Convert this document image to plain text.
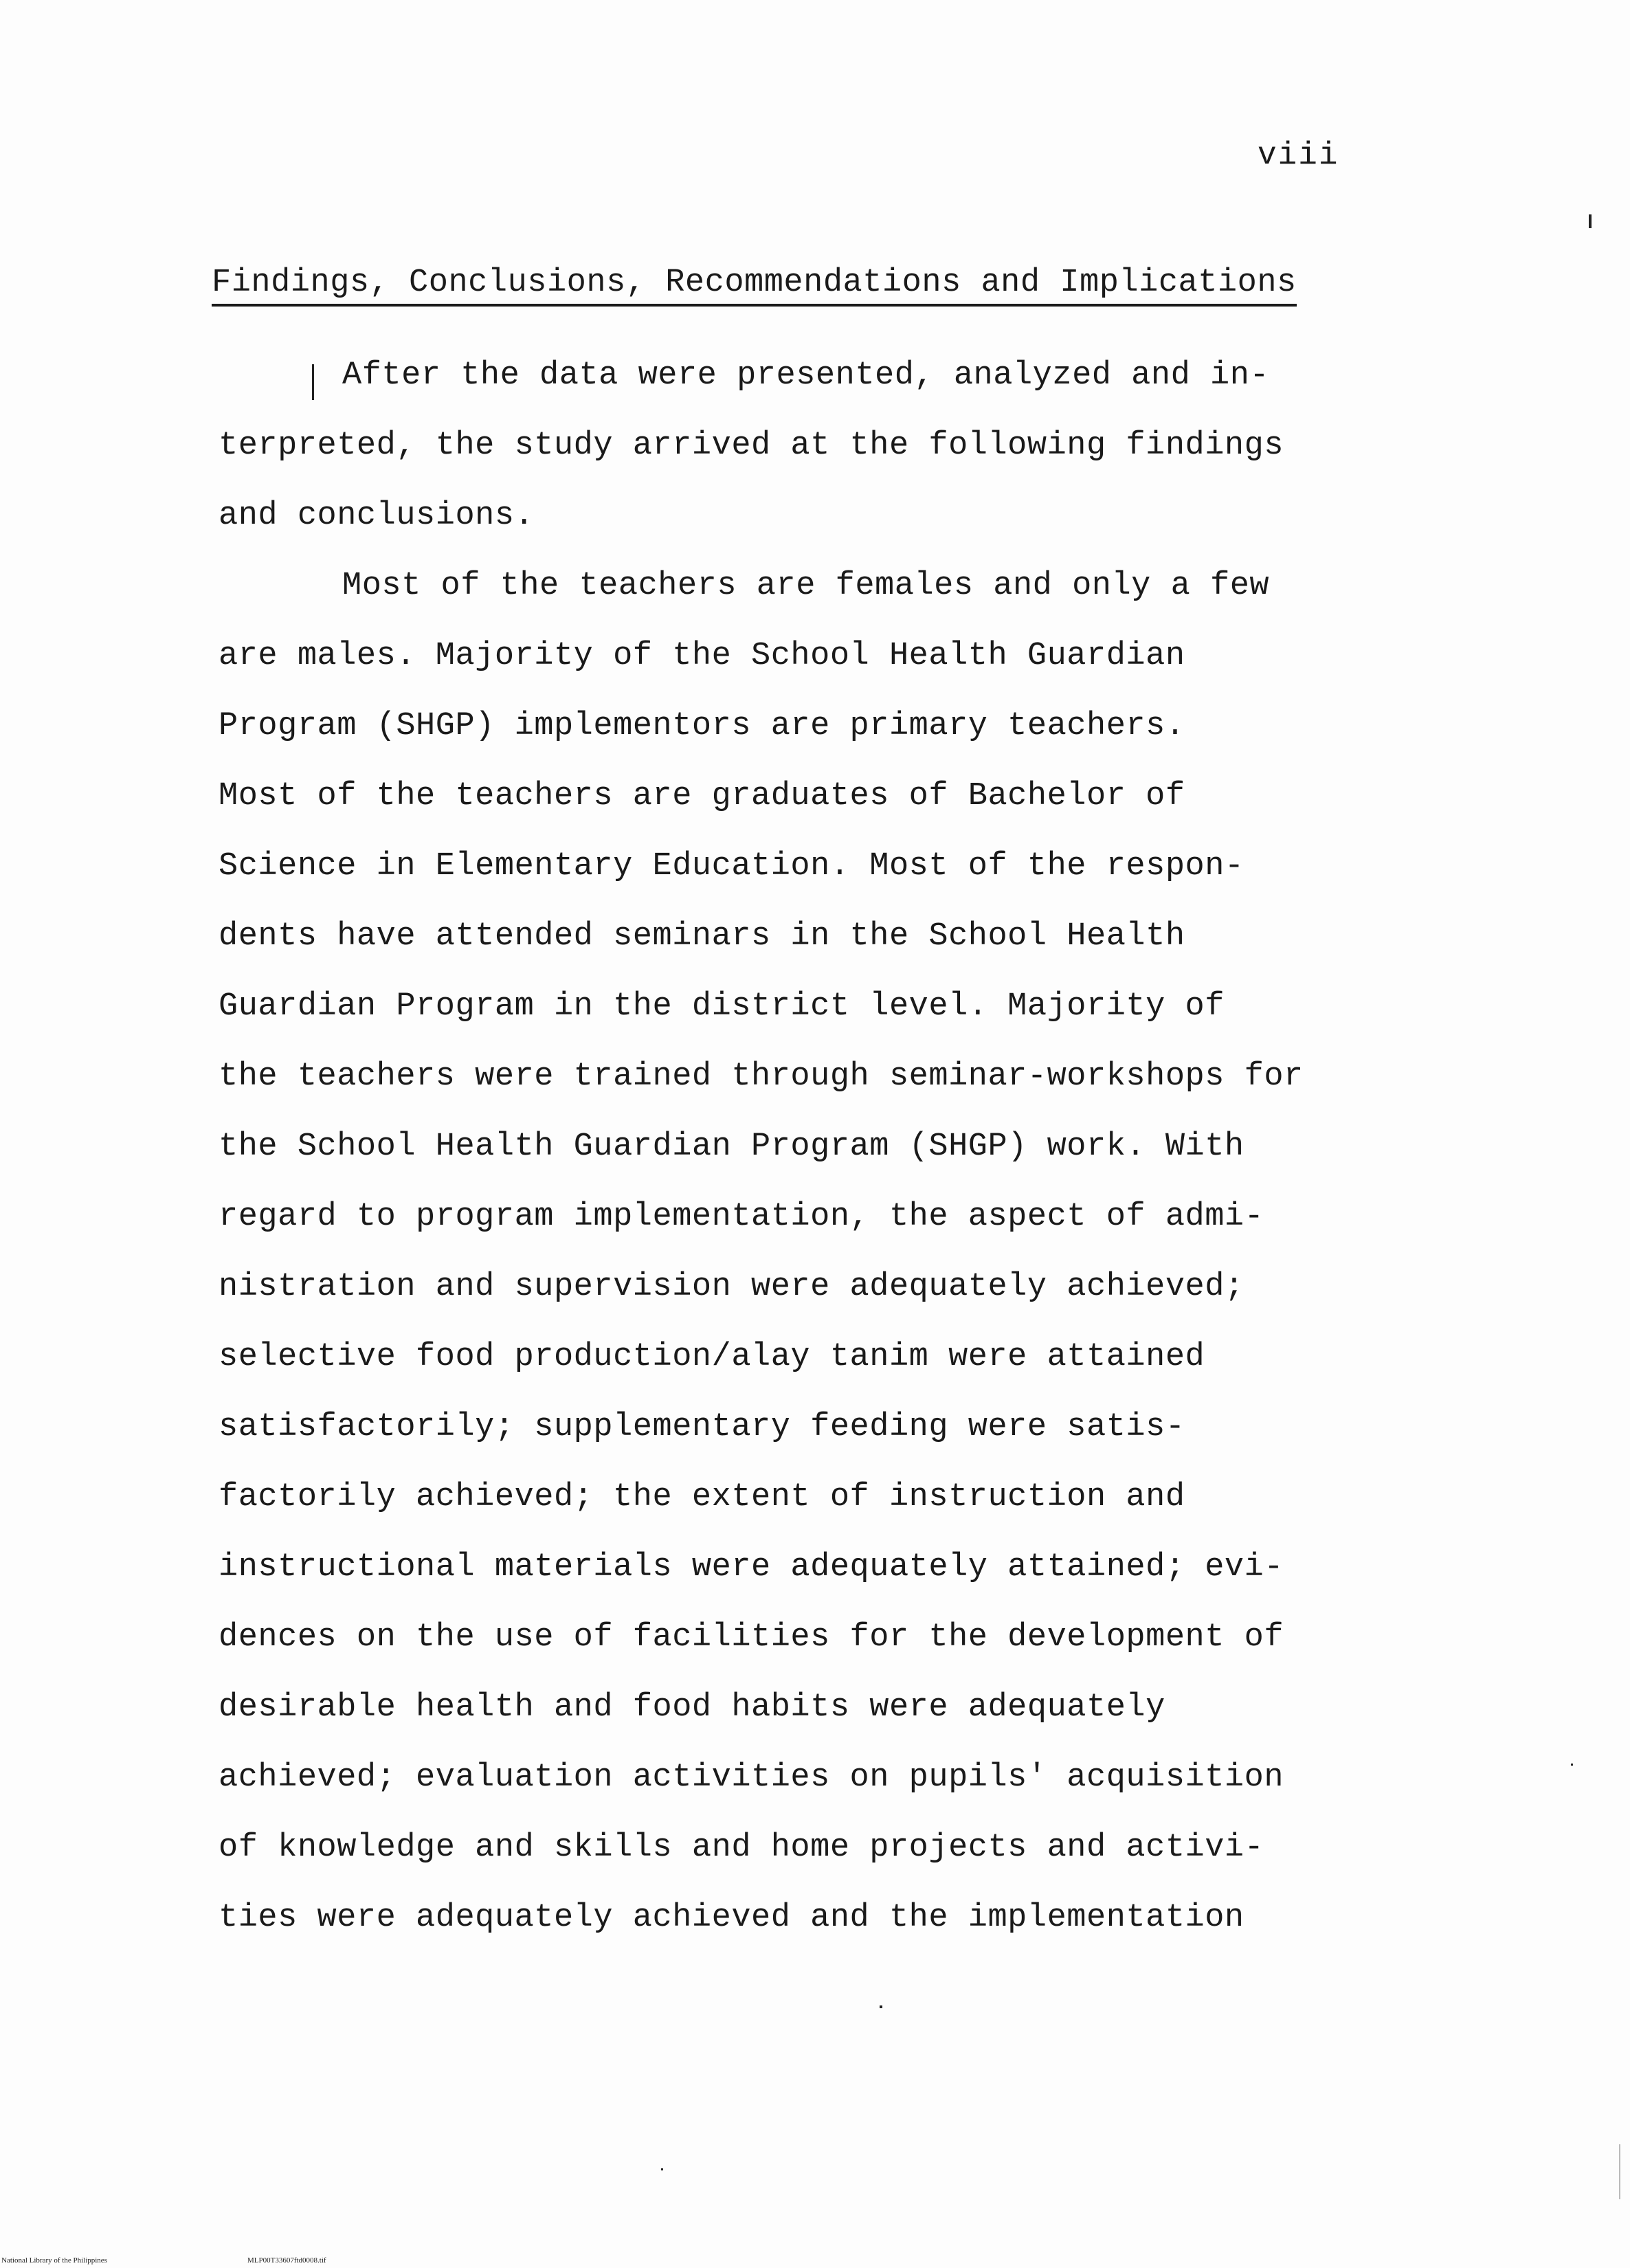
viii
Findings, Conclusions, Recommendations and Implications
After the data were presented, analyzed and in-
terpreted, the study arrived at the following findings
and conclusions.
Most of the teachers are females and only a few
are males. Majority of the School Health Guardian
Program (SHGP) implementors are primary teachers.
Most of the teachers are graduates of Bachelor of
Science in Elementary Education. Most of the respon-
dents have attended seminars in the School Health
Guardian Program in the district level. Majority of
the teachers were trained through seminar-workshops for
the School Health Guardian Program (SHGP) work. With
regard to program implementation, the aspect of admi-
nistration and supervision were adequately achieved;
selective food production/alay tanim were attained
satisfactorily; supplementary feeding were satis-
factorily achieved; the extent of instruction and
instructional materials were adequately attained; evi-
dences on the use of facilities for the development of
desirable health and food habits were adequately
achieved; evaluation activities on pupils' acquisition
of knowledge and skills and home projects and activi-
ties were adequately achieved and the implementation
National Library of the Philippines	MLP00T33607ftd0008.tif
